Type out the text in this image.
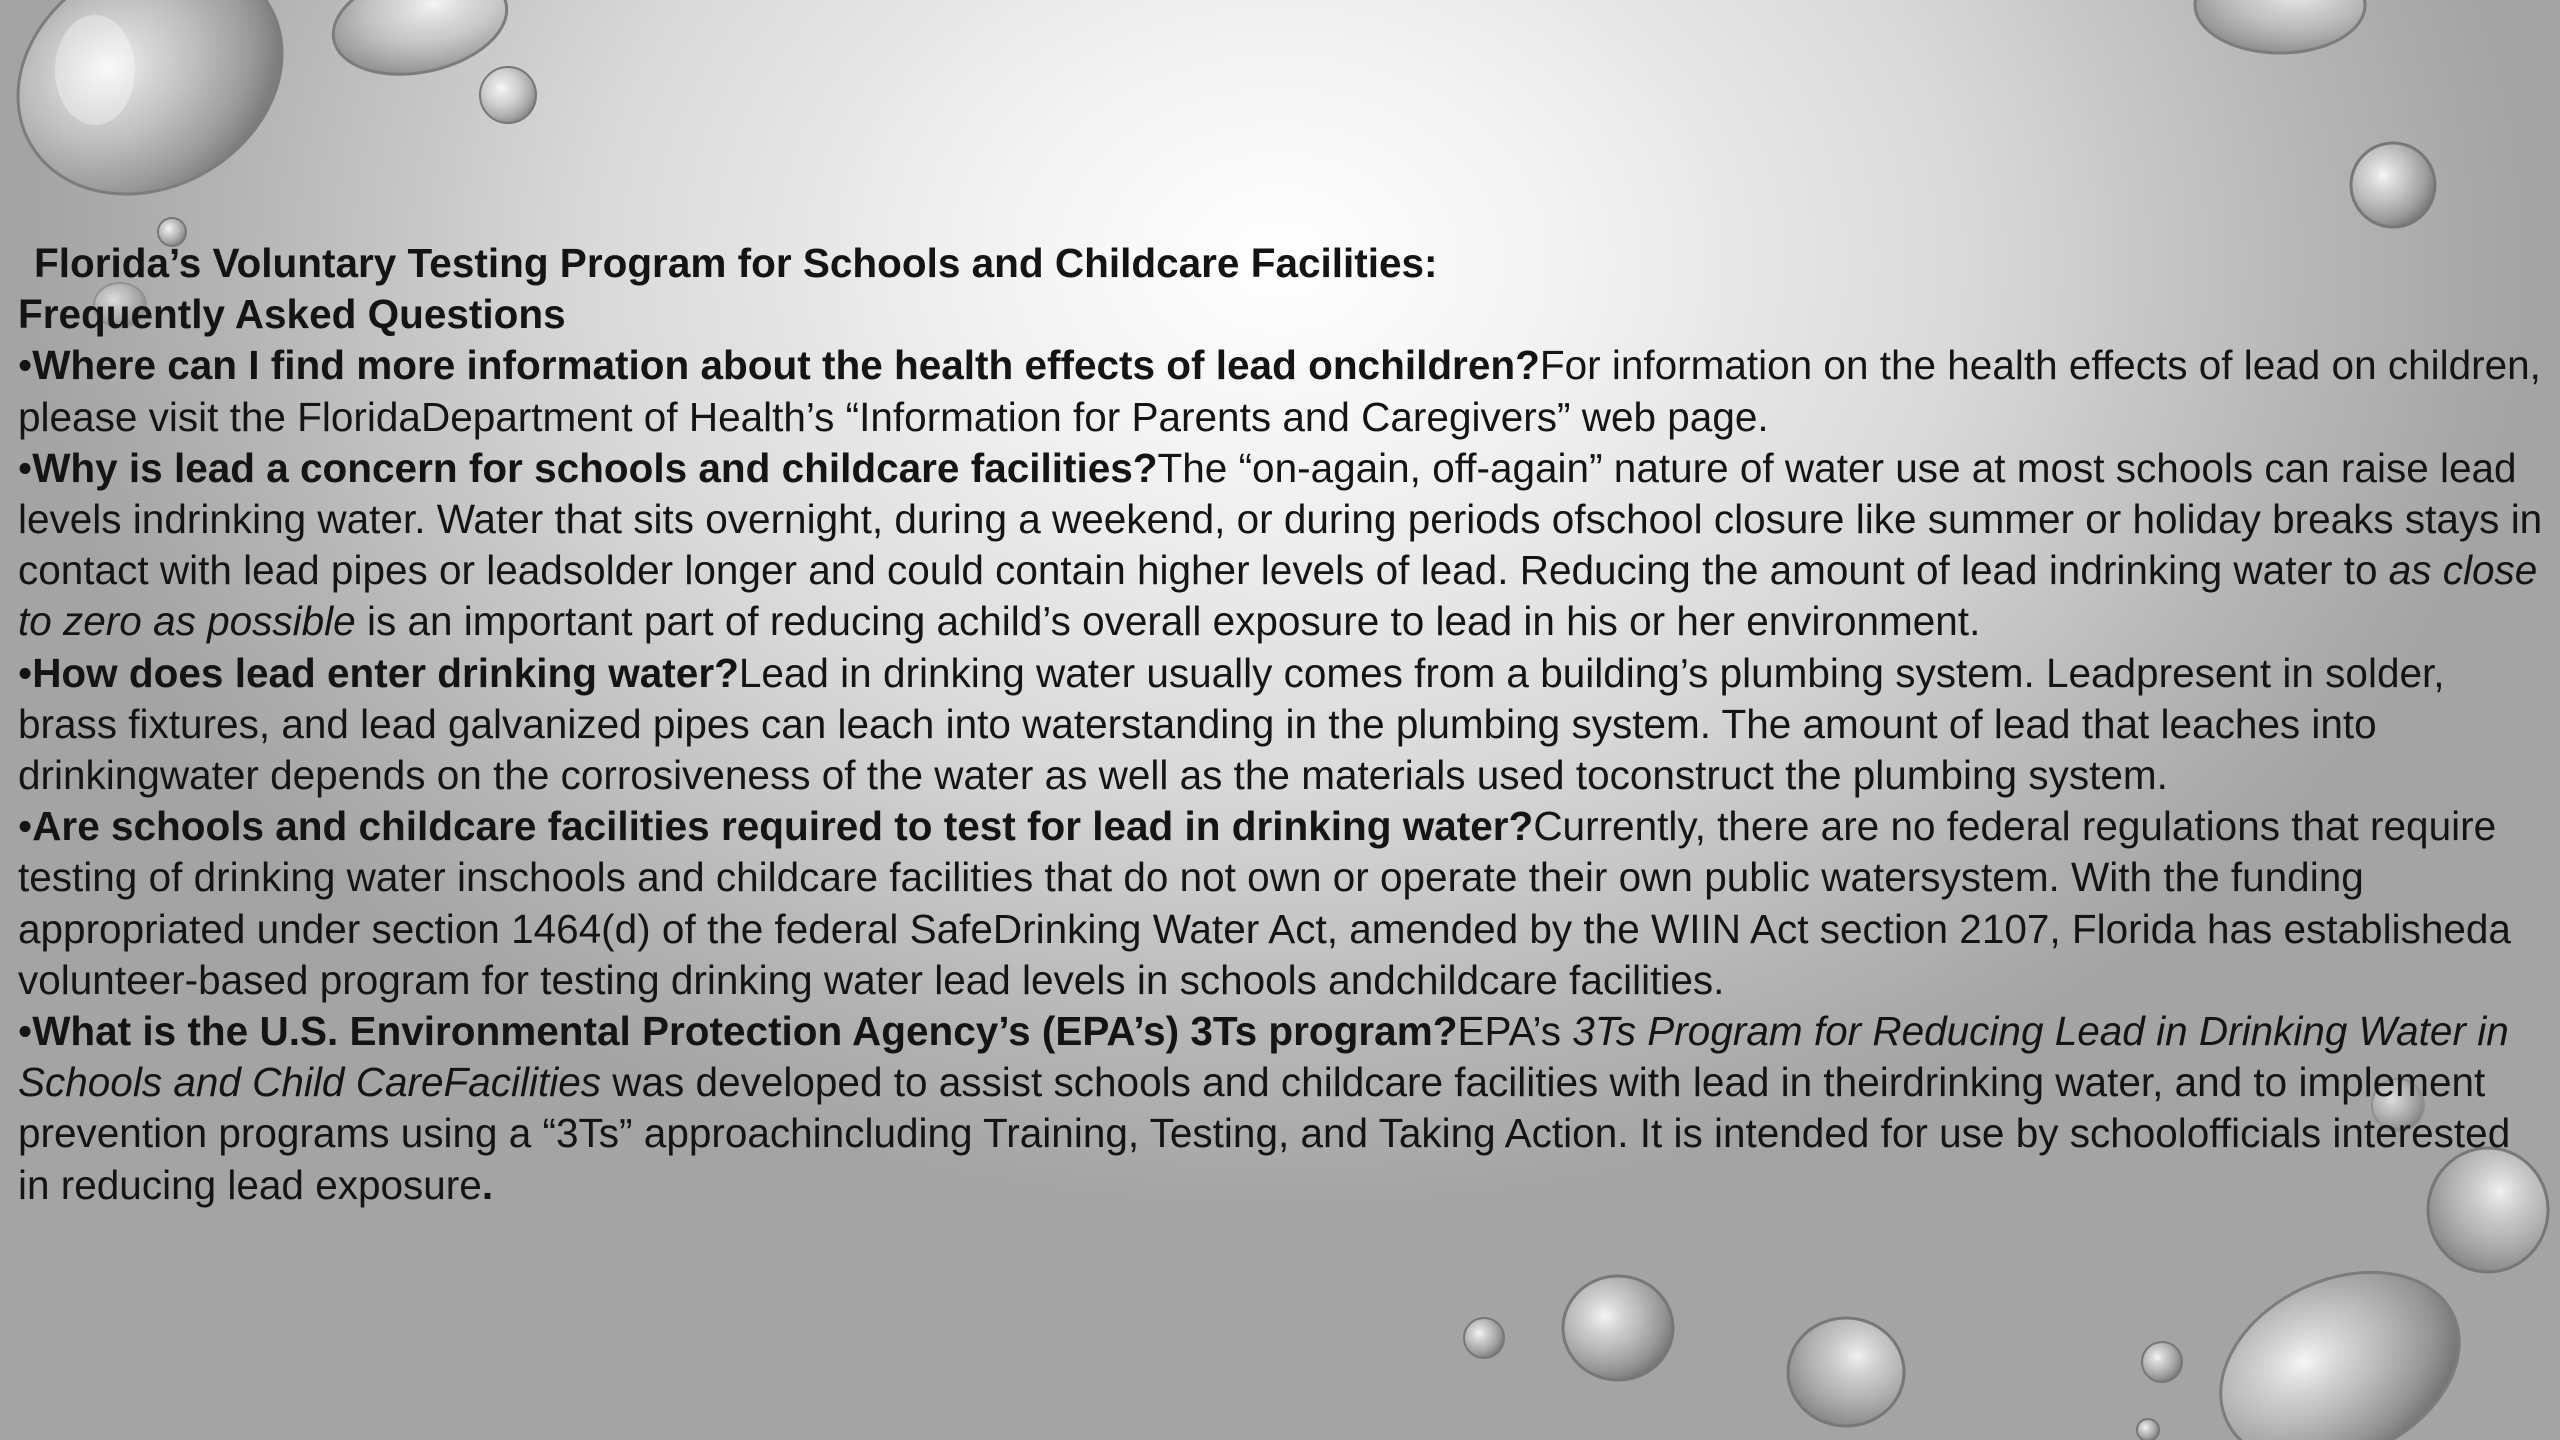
Florida’s Voluntary Testing Program for Schools and Childcare Facilities:

Frequently Asked Questions

•Where can I find more information about the health effects of lead onchildren?For information on the health effects of lead on children, please visit the FloridaDepartment of Health’s “Information for Parents and Caregivers” web page.

•Why is lead a concern for schools and childcare facilities?The “on-again, off-again” nature of water use at most schools can raise lead levels indrinking water. Water that sits overnight, during a weekend, or during periods ofschool closure like summer or holiday breaks stays in contact with lead pipes or leadsolder longer and could contain higher levels of lead. Reducing the amount of lead indrinking water to as close to zero as possible is an important part of reducing achild’s overall exposure to lead in his or her environment.

•How does lead enter drinking water?Lead in drinking water usually comes from a building’s plumbing system. Leadpresent in solder, brass fixtures, and lead galvanized pipes can leach into waterstanding in the plumbing system. The amount of lead that leaches into drinkingwater depends on the corrosiveness of the water as well as the materials used toconstruct the plumbing system.

•Are schools and childcare facilities required to test for lead in drinking water?Currently, there are no federal regulations that require testing of drinking water inschools and childcare facilities that do not own or operate their own public watersystem. With the funding appropriated under section 1464(d) of the federal SafeDrinking Water Act, amended by the WIIN Act section 2107, Florida has establisheda volunteer-based program for testing drinking water lead levels in schools andchildcare facilities.

•What is the U.S. Environmental Protection Agency’s (EPA’s) 3Ts program?EPA’s 3Ts Program for Reducing Lead in Drinking Water in Schools and Child CareFacilities was developed to assist schools and childcare facilities with lead in theirdrinking water, and to implement prevention programs using a “3Ts” approachincluding Training, Testing, and Taking Action. It is intended for use by schoolofficials interested in reducing lead exposure.
